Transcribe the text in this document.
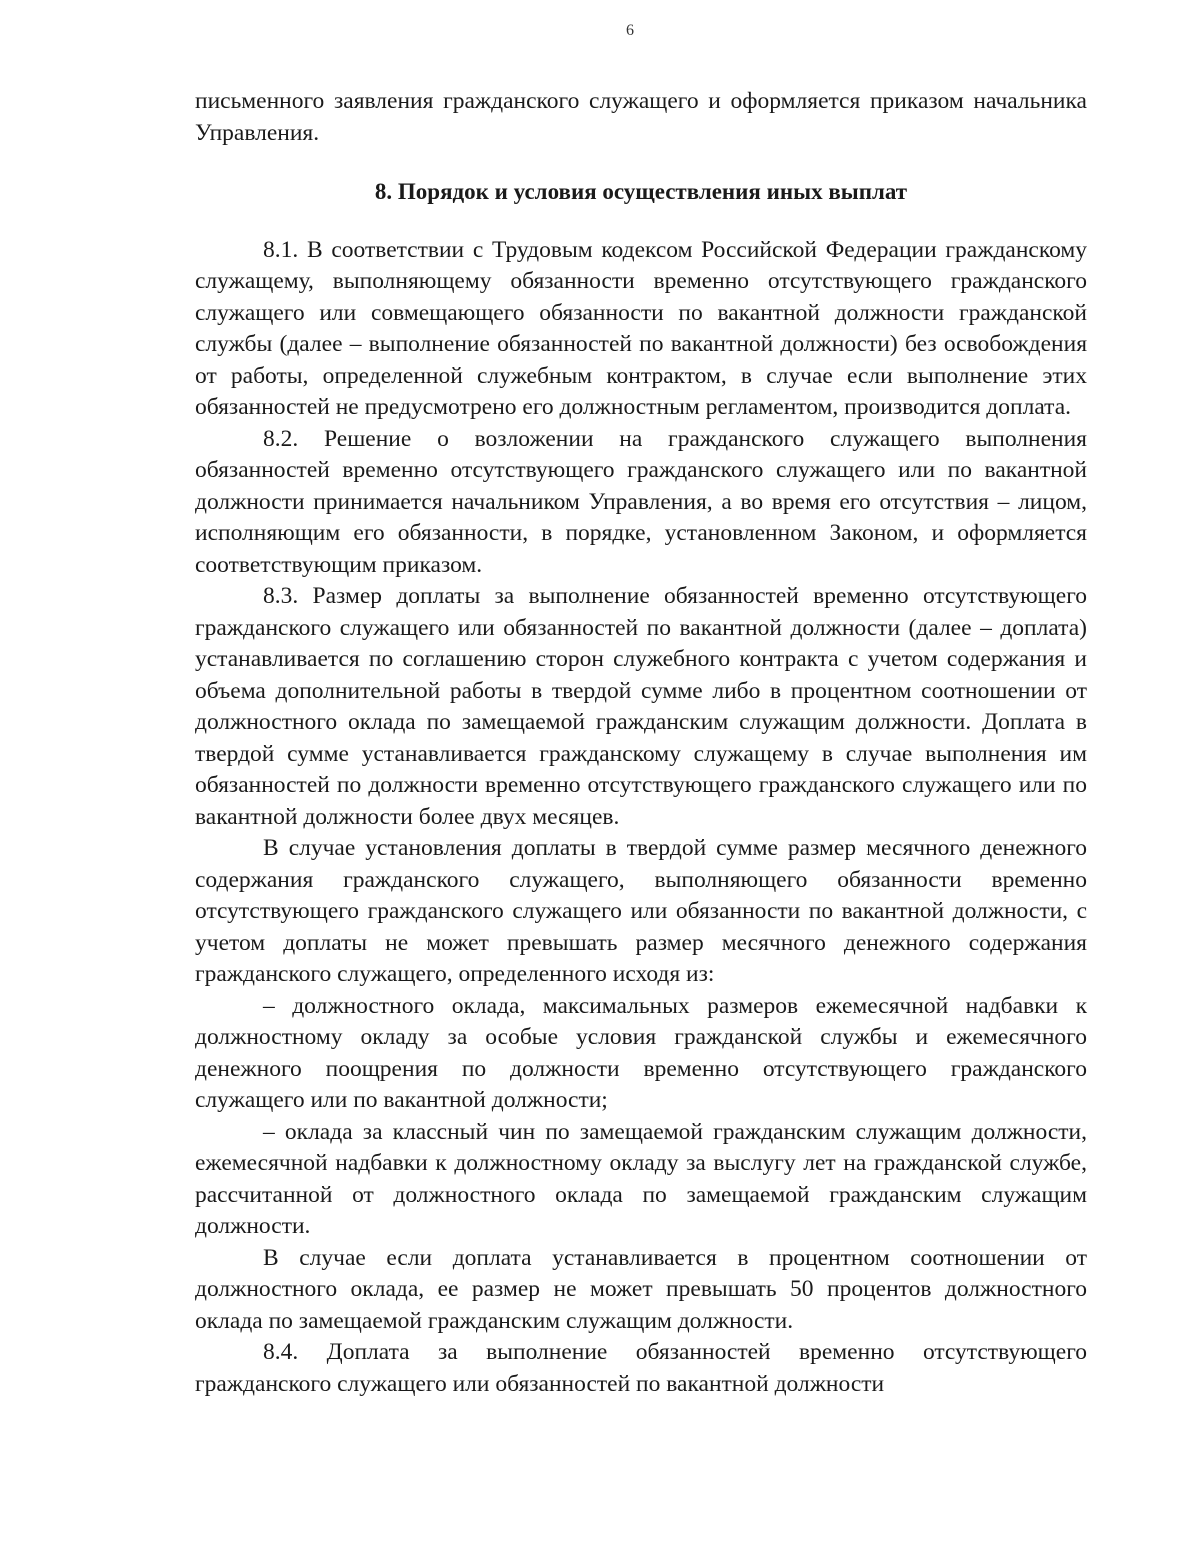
6

письменного заявления гражданского служащего и оформляется приказом начальника Управления.

8. Порядок и условия осуществления иных выплат

8.1. В соответствии с Трудовым кодексом Российской Федерации гражданскому служащему, выполняющему обязанности временно отсутствующего гражданского служащего или совмещающего обязанности по вакантной должности гражданской службы (далее – выполнение обязанностей по вакантной должности) без освобождения от работы, определенной служебным контрактом, в случае если выполнение этих обязанностей не предусмотрено его должностным регламентом, производится доплата.

8.2. Решение о возложении на гражданского служащего выполнения обязанностей временно отсутствующего гражданского служащего или по вакантной должности принимается начальником Управления, а во время его отсутствия – лицом, исполняющим его обязанности, в порядке, установленном Законом, и оформляется соответствующим приказом.

8.3. Размер доплаты за выполнение обязанностей временно отсутствующего гражданского служащего или обязанностей по вакантной должности (далее – доплата) устанавливается по соглашению сторон служебного контракта с учетом содержания и объема дополнительной работы в твердой сумме либо в процентном соотношении от должностного оклада по замещаемой гражданским служащим должности. Доплата в твердой сумме устанавливается гражданскому служащему в случае выполнения им обязанностей по должности временно отсутствующего гражданского служащего или по вакантной должности более двух месяцев.

В случае установления доплаты в твердой сумме размер месячного денежного содержания гражданского служащего, выполняющего обязанности временно отсутствующего гражданского служащего или обязанности по вакантной должности, с учетом доплаты не может превышать размер месячного денежного содержания гражданского служащего, определенного исходя из:

– должностного оклада, максимальных размеров ежемесячной надбавки к должностному окладу за особые условия гражданской службы и ежемесячного денежного поощрения по должности временно отсутствующего гражданского служащего или по вакантной должности;

– оклада за классный чин по замещаемой гражданским служащим должности, ежемесячной надбавки к должностному окладу за выслугу лет на гражданской службе, рассчитанной от должностного оклада по замещаемой гражданским служащим должности.

В случае если доплата устанавливается в процентном соотношении от должностного оклада, ее размер не может превышать 50 процентов должностного оклада по замещаемой гражданским служащим должности.

8.4. Доплата за выполнение обязанностей временно отсутствующего гражданского служащего или обязанностей по вакантной должности
